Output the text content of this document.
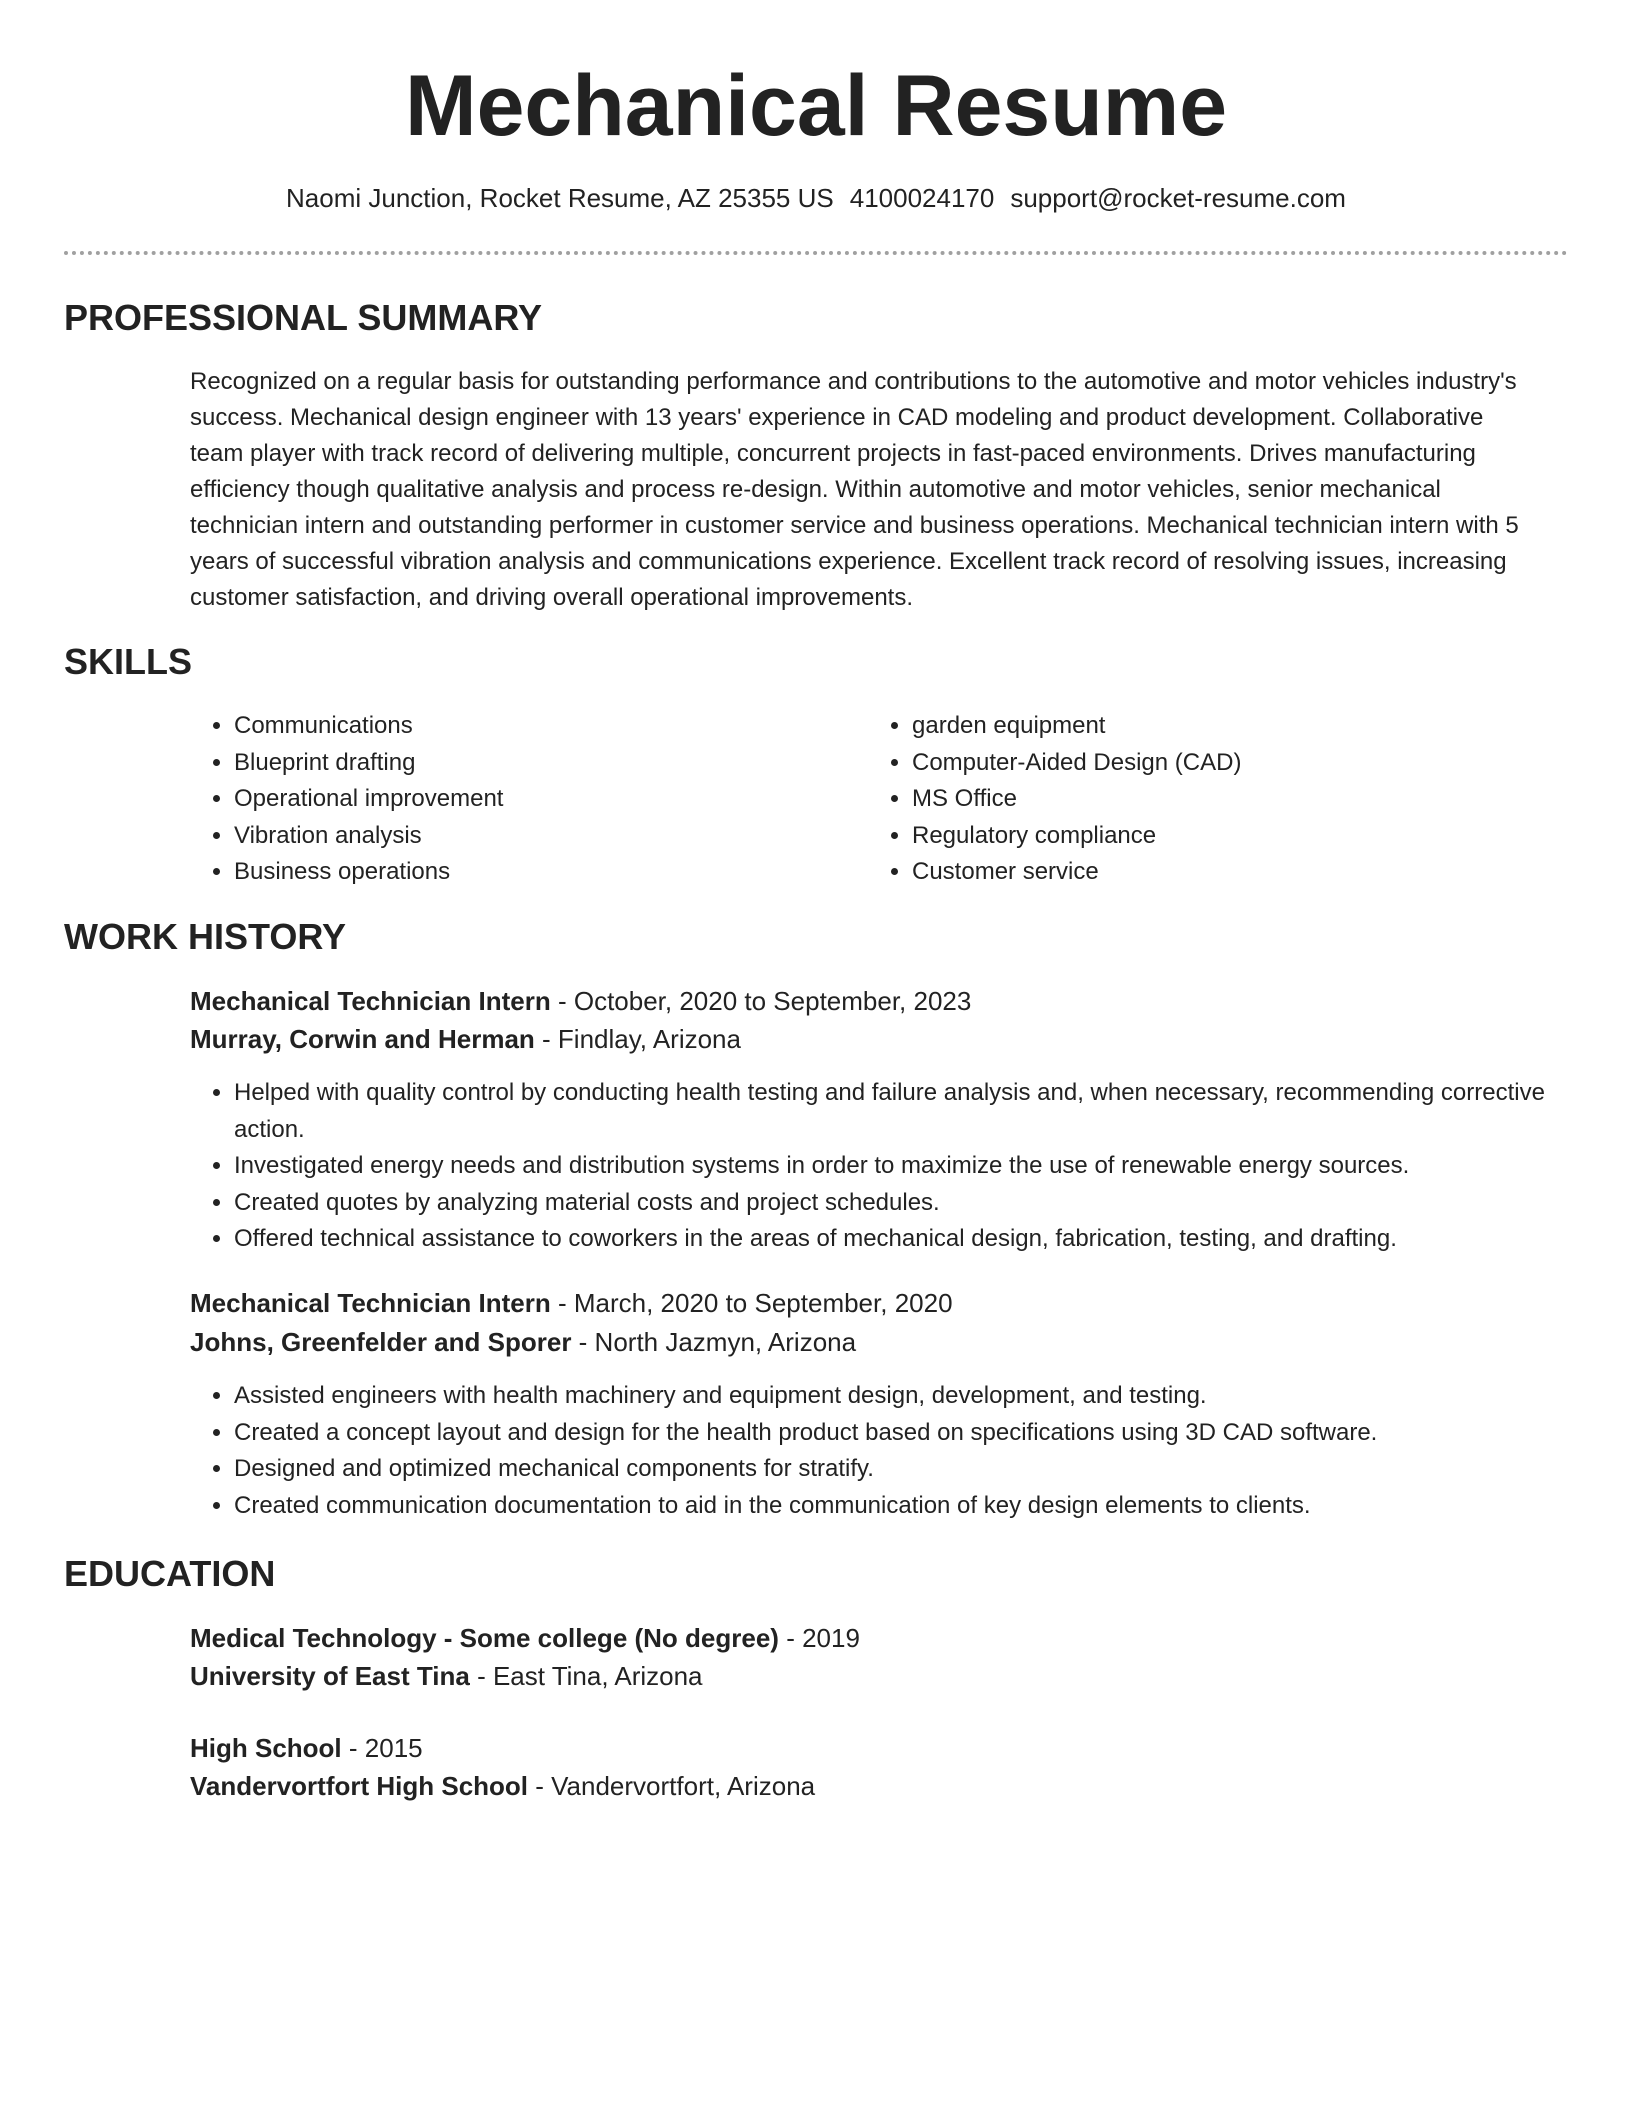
Mechanical Resume
Naomi Junction, Rocket Resume, AZ 25355 US 4100024170 support@rocket-resume.com
PROFESSIONAL SUMMARY

Recognized on a regular basis for outstanding performance and contributions to the automotive and motor vehicles industry's success. Mechanical design engineer with 13 years' experience in CAD modeling and product development. Collaborative team player with track record of delivering multiple, concurrent projects in fast-paced environments. Drives manufacturing efficiency though qualitative analysis and process re-design. Within automotive and motor vehicles, senior mechanical technician intern and outstanding performer in customer service and business operations. Mechanical technician intern with 5 years of successful vibration analysis and communications experience. Excellent track record of resolving issues, increasing customer satisfaction, and driving overall operational improvements.

SKILLS
• Communications
• Blueprint drafting
• Operational improvement
• Vibration analysis
• Business operations
• garden equipment
• Computer-Aided Design (CAD)
• MS Office
• Regulatory compliance
• Customer service
WORK HISTORY
Mechanical Technician Intern - October, 2020 to September, 2023
Murray, Corwin and Herman - Findlay, Arizona
• Helped with quality control by conducting health testing and failure analysis and, when necessary, recommending corrective action.
• Investigated energy needs and distribution systems in order to maximize the use of renewable energy sources.
• Created quotes by analyzing material costs and project schedules.
• Offered technical assistance to coworkers in the areas of mechanical design, fabrication, testing, and drafting.
Mechanical Technician Intern - March, 2020 to September, 2020
Johns, Greenfelder and Sporer - North Jazmyn, Arizona
• Assisted engineers with health machinery and equipment design, development, and testing.
• Created a concept layout and design for the health product based on specifications using 3D CAD software.
• Designed and optimized mechanical components for stratify.
• Created communication documentation to aid in the communication of key design elements to clients.
EDUCATION
Medical Technology - Some college (No degree) - 2019
University of East Tina - East Tina, Arizona
High School - 2015
Vandervortfort High School - Vandervortfort, Arizona
